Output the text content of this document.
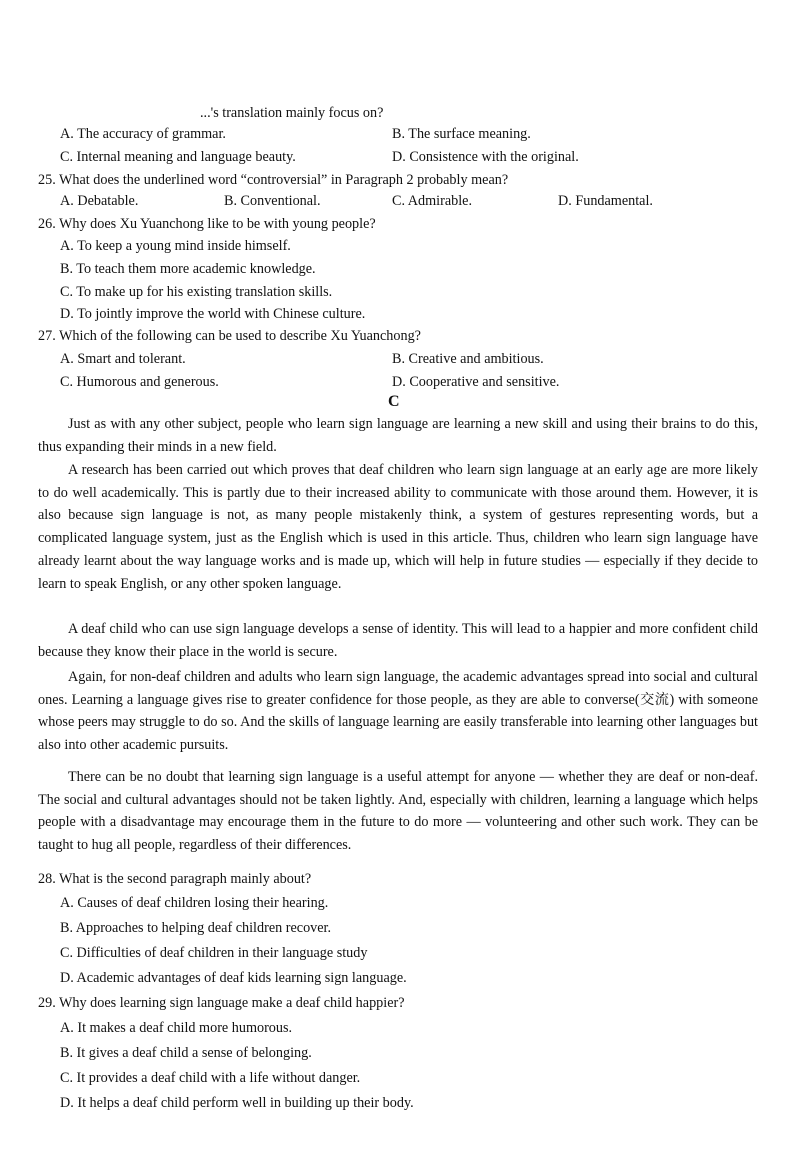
...'s translation mainly focus on?
A. The accuracy of grammar.	B. The surface meaning.
C. Internal meaning and language beauty.	D. Consistence with the original.
25. What does the underlined word “controversial” in Paragraph 2 probably mean?
A. Debatable.	B. Conventional.	C. Admirable.	D. Fundamental.
26. Why does Xu Yuanchong like to be with young people?
A. To keep a young mind inside himself.
B. To teach them more academic knowledge.
C. To make up for his existing translation skills.
D. To jointly improve the world with Chinese culture.
27. Which of the following can be used to describe Xu Yuanchong?
A. Smart and tolerant.	B. Creative and ambitious.
C. Humorous and generous.	D. Cooperative and sensitive.
C
Just as with any other subject, people who learn sign language are learning a new skill and using their brains to do this, thus expanding their minds in a new field.
A research has been carried out which proves that deaf children who learn sign language at an early age are more likely to do well academically. This is partly due to their increased ability to communicate with those around them. However, it is also because sign language is not, as many people mistakenly think, a system of gestures representing words, but a complicated language system, just as the English which is used in this article. Thus, children who learn sign language have already learnt about the way language works and is made up, which will help in future studies — especially if they decide to learn to speak English, or any other spoken language.
A deaf child who can use sign language develops a sense of identity. This will lead to a happier and more confident child because they know their place in the world is secure.
Again, for non-deaf children and adults who learn sign language, the academic advantages spread into social and cultural ones. Learning a language gives rise to greater confidence for those people, as they are able to converse(交流) with someone whose peers may struggle to do so. And the skills of language learning are easily transferable into learning other languages but also into other academic pursuits.
There can be no doubt that learning sign language is a useful attempt for anyone — whether they are deaf or non-deaf. The social and cultural advantages should not be taken lightly. And, especially with children, learning a language which helps people with a disadvantage may encourage them in the future to do more — volunteering and other such work. They can be taught to hug all people, regardless of their differences.
28. What is the second paragraph mainly about?
A. Causes of deaf children losing their hearing.
B. Approaches to helping deaf children recover.
C. Difficulties of deaf children in their language study
D. Academic advantages of deaf kids learning sign language.
29. Why does learning sign language make a deaf child happier?
A. It makes a deaf child more humorous.
B. It gives a deaf child a sense of belonging.
C. It provides a deaf child with a life without danger.
D. It helps a deaf child perform well in building up their body.
